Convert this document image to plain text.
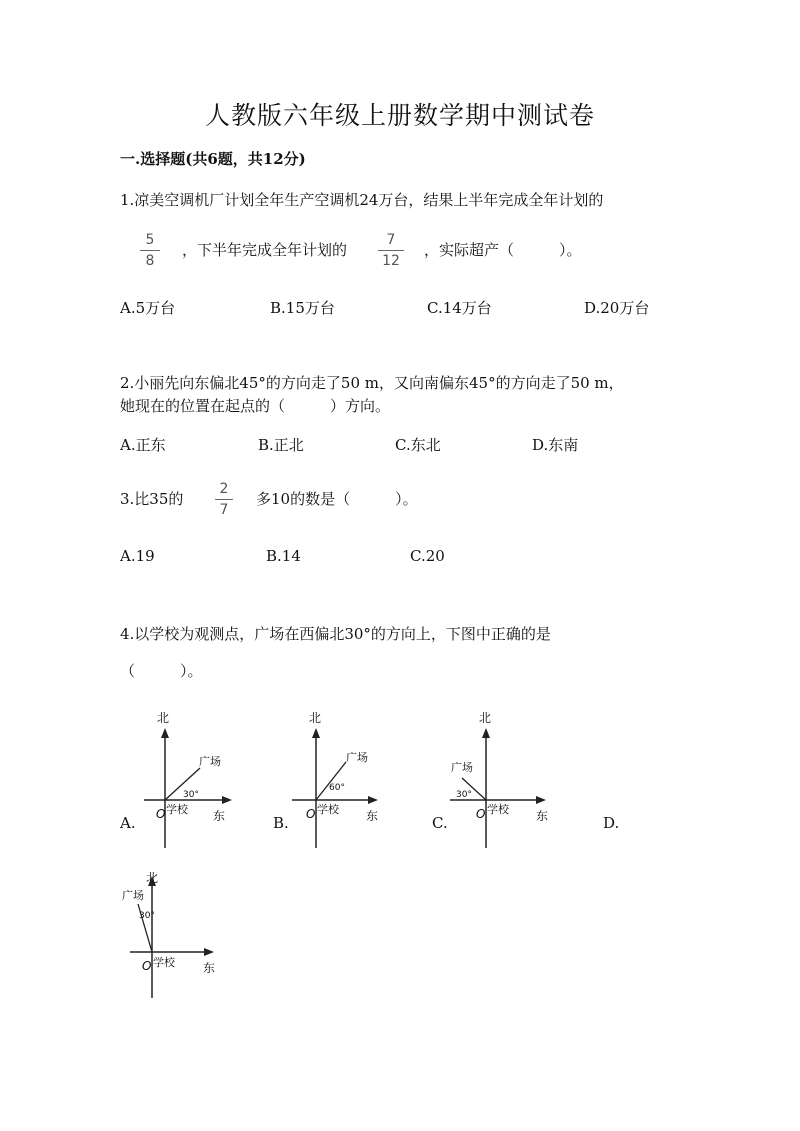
人教版六年级上册数学期中测试卷
一.选择题(共6题，共12分)
1.凉美空调机厂计划全年生产空调机24万台，结果上半年完成全年计划的
5
8
，下半年完成全年计划的
7
12
，实际超产（　　　）。
A.5万台	B.15万台	C.14万台	D.20万台
2.小丽先向东偏北45°的方向走了50 m，又向南偏东45°的方向走了50 m，
她现在的位置在起点的（　　　）方向。
A.正东	B.正北	C.东北	D.东南
3.比35的
2
7
多10的数是（　　　）。
A.19	B.14	C.20
4.以学校为观测点，广场在西偏北30°的方向上，下图中正确的是
（　　　）。
A.	B.	C.	D.
北
东
O 学校
广场
30°
北
东
O 学校
广场
60°
北
东
O 学校
广场
30°
北
东
O 学校
广场
30°
